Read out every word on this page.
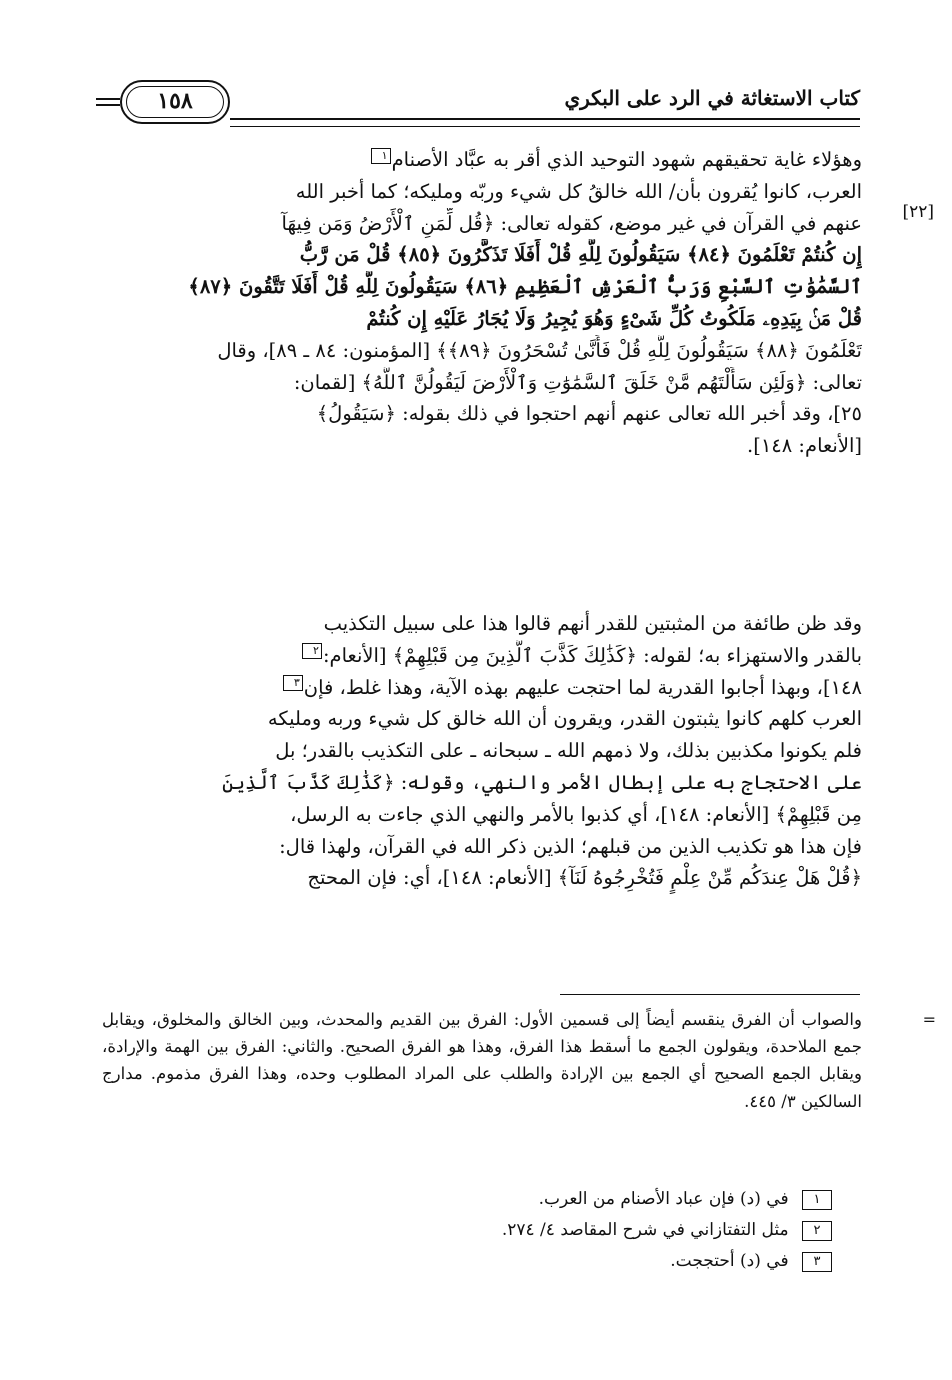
كتاب الاستغاثة في الرد على البكري
١٥٨
[٢٢]
وهؤلاء غاية تحقيقهم شهود التوحيد الذي أقر به عبَّاد الأصنام١
العرب، كانوا يُقرون بأن/ الله خالقُ كل شيء وربّه ومليكه؛ كما أخبر الله
عنهم في القرآن في غير موضع، كقوله تعالى: ﴿قُل لِّمَنِ ٱلْأَرْضُ وَمَن فِيهَآ
إِن كُنتُمْ تَعْلَمُونَ ﴿٨٤﴾ سَيَقُولُونَ لِلَّهِ قُلْ أَفَلَا تَذَكَّرُونَ ﴿٨٥﴾ قُلْ مَن رَّبُّ
ٱلسَّمَٰوَٰتِ ٱلسَّبْعِ وَرَبُّ ٱلْعَرْشِ ٱلْعَظِيمِ ﴿٨٦﴾ سَيَقُولُونَ لِلَّهِ قُلْ أَفَلَا تَتَّقُونَ ﴿٨٧﴾
قُلْ مَنۢ بِيَدِهِۦ مَلَكُوتُ كُلِّ شَىْءٍ وَهُوَ يُجِيرُ وَلَا يُجَارُ عَلَيْهِ إِن كُنتُمْ
تَعْلَمُونَ ﴿٨٨﴾ سَيَقُولُونَ لِلَّهِ قُلْ فَأَنَّىٰ تُسْحَرُونَ ﴿٨٩﴾﴾ [المؤمنون: ٨٤ ـ ٨٩]، وقال
تعالى: ﴿وَلَئِن سَأَلْتَهُم مَّنْ خَلَقَ ٱلسَّمَٰوَٰتِ وَٱلْأَرْضَ لَيَقُولُنَّ ٱللَّهُ﴾ [لقمان:
٢٥]، وقد أخبر الله تعالى عنهم أنهم احتجوا في ذلك بقوله: ﴿سَيَقُولُ﴾
[الأنعام: ١٤٨].
وقد ظن طائفة من المثبتين للقدر أنهم قالوا هذا على سبيل التكذيب
بالقدر والاستهزاء به؛ لقوله: ﴿كَذَٰلِكَ كَذَّبَ ٱلَّذِينَ مِن قَبْلِهِمْ﴾ [الأنعام:٢
١٤٨]، وبهذا أجابوا القدرية لما احتجت عليهم بهذه الآية، وهذا غلط، فإن٣
العرب كلهم كانوا يثبتون القدر، ويقرون أن الله خالق كل شيء وربه ومليكه
فلم يكونوا مكذبين بذلك، ولا ذمهم الله ـ سبحانه ـ على التكذيب بالقدر؛ بل
على الاحتجاج به على إبطال الأمر والنهي، وقوله: ﴿كَذَٰلِكَ كَذَّبَ ٱلَّذِينَ
مِن قَبْلِهِمْ﴾ [الأنعام: ١٤٨]، أي كذبوا بالأمر والنهي الذي جاءت به الرسل،
فإن هذا هو تكذيب الذين من قبلهم؛ الذين ذكر الله في القرآن، ولهذا قال:
﴿قُلْ هَلْ عِندَكُم مِّنْ عِلْمٍ فَتُخْرِجُوهُ لَنَآ﴾ [الأنعام: ١٤٨]، أي: فإن المحتج
=
والصواب أن الفرق ينقسم أيضاً إلى قسمين الأول: الفرق بين القديم والمحدث، وبين الخالق والمخلوق، ويقابل جمع الملاحدة، ويقولون الجمع ما أسقط هذا الفرق، وهذا هو الفرق الصحيح. والثاني: الفرق بين الهمة والإرادة، ويقابل الجمع الصحيح أي الجمع بين الإرادة والطلب على المراد المطلوب وحده، وهذا الفرق مذموم. مدارج السالكين ٣/ ٤٤٥.
١ في (د) فإن عباد الأصنام من العرب.
٢ مثل التفتازاني في شرح المقاصد ٤/ ٢٧٤.
٣ في (د) أحتججت.
